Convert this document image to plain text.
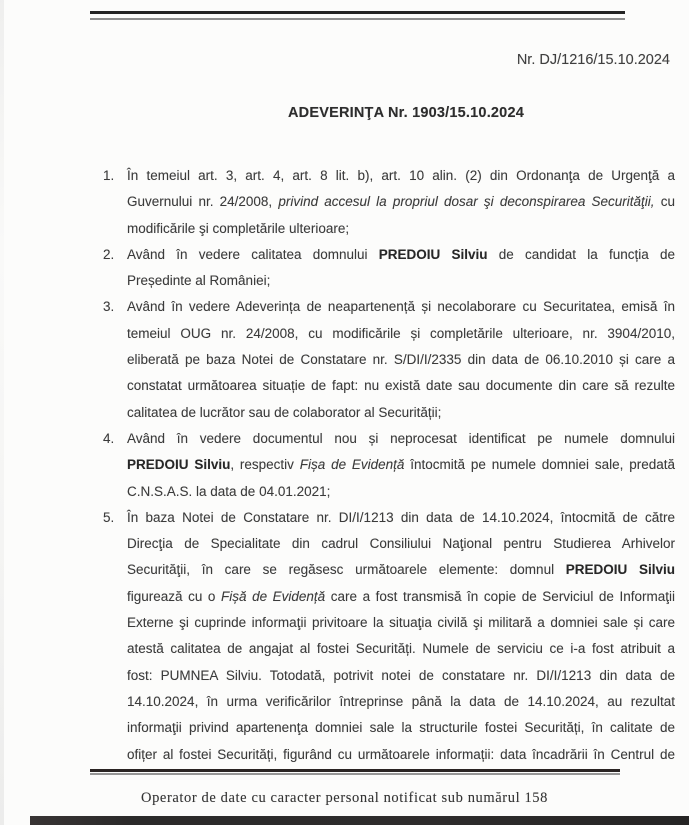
Nr. DJ/1216/15.10.2024
ADEVERINŢA Nr. 1903/15.10.2024
1. În temeiul art. 3, art. 4, art. 8 lit. b), art. 10 alin. (2) din Ordonanţa de Urgenţă a
Guvernului nr. 24/2008, privind accesul la propriul dosar şi deconspirarea Securităţii, cu
modificările şi completările ulterioare;
2. Având în vedere calitatea domnului PREDOIU Silviu de candidat la funcția de
Președinte al României;
3. Având în vedere Adeverința de neapartenență și necolaborare cu Securitatea, emisă în
temeiul OUG nr. 24/2008, cu modificările și completările ulterioare, nr. 3904/2010,
eliberată pe baza Notei de Constatare nr. S/DI/I/2335 din data de 06.10.2010 și care a
constatat următoarea situație de fapt: nu există date sau documente din care să rezulte
calitatea de lucrător sau de colaborator al Securității;
4. Având în vedere documentul nou și neprocesat identificat pe numele domnului
PREDOIU Silviu, respectiv Fișa de Evidență întocmită pe numele domniei sale, predată
C.N.S.A.S. la data de 04.01.2021;
5. În baza Notei de Constatare nr. DI/I/1213 din data de 14.10.2024, întocmită de către
Direcţia de Specialitate din cadrul Consiliului Naţional pentru Studierea Arhivelor
Securităţii, în care se regăsesc următoarele elemente: domnul PREDOIU Silviu
figurează cu o Fișă de Evidență care a fost transmisă în copie de Serviciul de Informaţii
Externe şi cuprinde informaţii privitoare la situaţia civilă şi militară a domniei sale și care
atestă calitatea de angajat al fostei Securități. Numele de serviciu ce i-a fost atribuit a
fost: PUMNEA Silviu. Totodată, potrivit notei de constatare nr. DI/I/1213 din data de
14.10.2024, în urma verificărilor întreprinse până la data de 14.10.2024, au rezultat
informaţii privind apartenenţa domniei sale la structurile fostei Securități, în calitate de
ofițer al fostei Securități, figurând cu următoarele informații: data încadrării în Centrul de
Operator de date cu caracter personal notificat sub numărul 158
